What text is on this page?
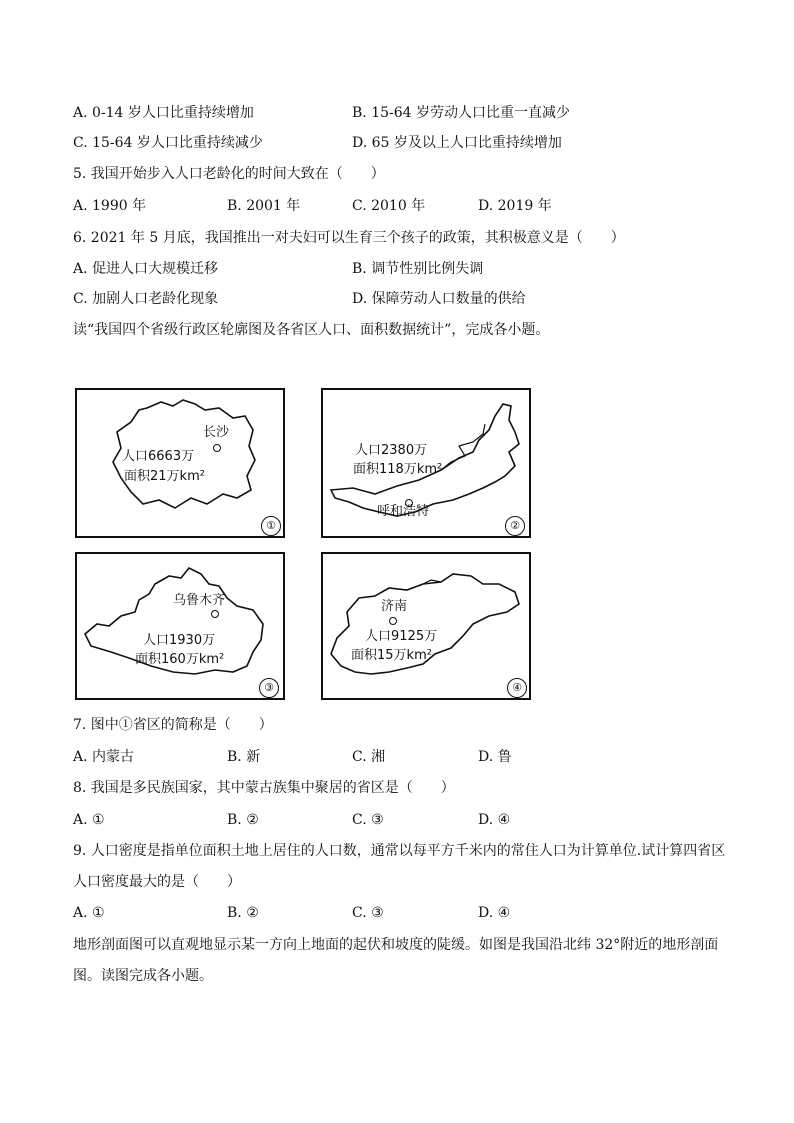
A. 0-14 岁人口比重持续增加	B. 15-64 岁劳动人口比重一直减少
C. 15-64 岁人口比重持续减少	D. 65 岁及以上人口比重持续增加
5. 我国开始步入人口老龄化的时间大致在（　　）
A. 1990 年	B. 2001 年	C. 2010 年	D. 2019 年
6. 2021 年 5 月底，我国推出一对夫妇可以生育三个孩子的政策，其积极意义是（　　）
A. 促进人口大规模迁移	B. 调节性别比例失调
C. 加剧人口老龄化现象	D. 保障劳动人口数量的供给
读“我国四个省级行政区轮廓图及各省区人口、面积数据统计”，完成各小题。
长沙
人口6663万
面积21万km²
①
人口2380万
面积118万km²
呼和浩特
②
乌鲁木齐
人口1930万
面积160万km²
③
济南
人口9125万
面积15万km²
④
7. 图中①省区的简称是（　　）
A. 内蒙古	B. 新	C. 湘	D. 鲁
8. 我国是多民族国家，其中蒙古族集中聚居的省区是（　　）
A. ①	B. ②	C. ③	D. ④
9. 人口密度是指单位面积土地上居住的人口数，通常以每平方千米内的常住人口为计算单位.试计算四省区
人口密度最大的是（　　）
A. ①	B. ②	C. ③	D. ④
地形剖面图可以直观地显示某一方向上地面的起伏和坡度的陡缓。如图是我国沿北纬 32°附近的地形剖面
图。读图完成各小题。
